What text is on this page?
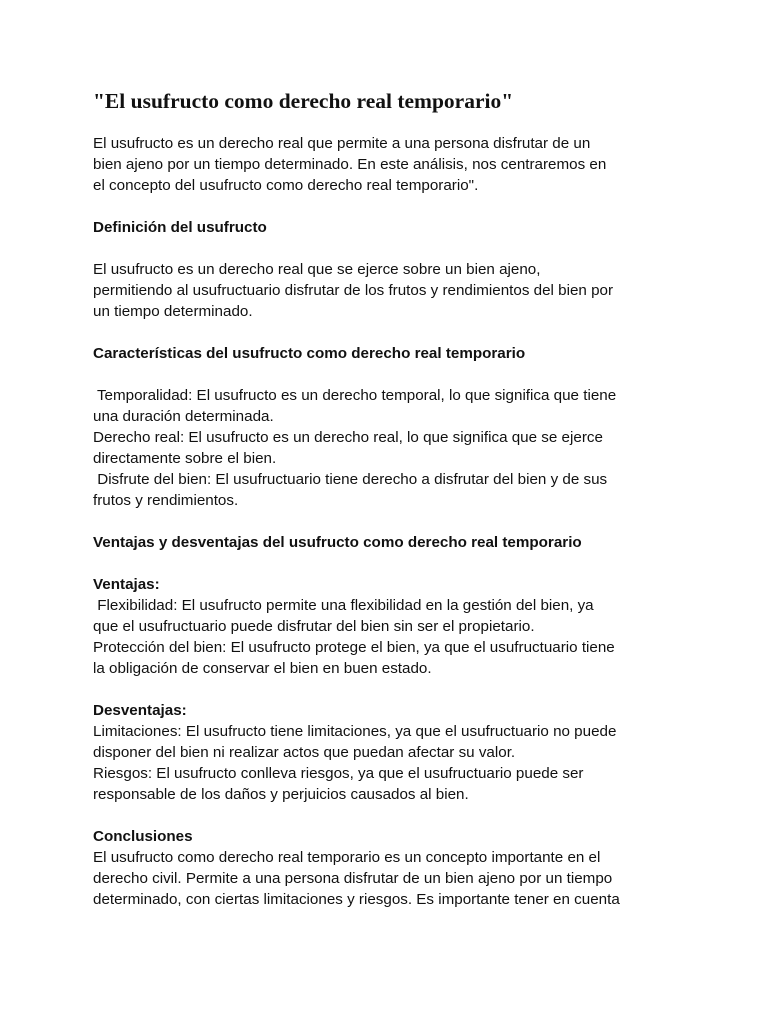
"El usufructo como derecho real temporario"

El usufructo es un derecho real que permite a una persona disfrutar de un
bien ajeno por un tiempo determinado. En este análisis, nos centraremos en
el concepto del usufructo como derecho real temporario".

Definición del usufructo

El usufructo es un derecho real que se ejerce sobre un bien ajeno,
permitiendo al usufructuario disfrutar de los frutos y rendimientos del bien por
un tiempo determinado.

Características del usufructo como derecho real temporario

Temporalidad: El usufructo es un derecho temporal, lo que significa que tiene
una duración determinada.
Derecho real: El usufructo es un derecho real, lo que significa que se ejerce
directamente sobre el bien.
Disfrute del bien: El usufructuario tiene derecho a disfrutar del bien y de sus
frutos y rendimientos.

Ventajas y desventajas del usufructo como derecho real temporario

Ventajas:

Flexibilidad: El usufructo permite una flexibilidad en la gestión del bien, ya
que el usufructuario puede disfrutar del bien sin ser el propietario.
Protección del bien: El usufructo protege el bien, ya que el usufructuario tiene
la obligación de conservar el bien en buen estado.

Desventajas:

Limitaciones: El usufructo tiene limitaciones, ya que el usufructuario no puede
disponer del bien ni realizar actos que puedan afectar su valor.
Riesgos: El usufructo conlleva riesgos, ya que el usufructuario puede ser
responsable de los daños y perjuicios causados al bien.

Conclusiones

El usufructo como derecho real temporario es un concepto importante en el
derecho civil. Permite a una persona disfrutar de un bien ajeno por un tiempo
determinado, con ciertas limitaciones y riesgos. Es importante tener en cuenta
